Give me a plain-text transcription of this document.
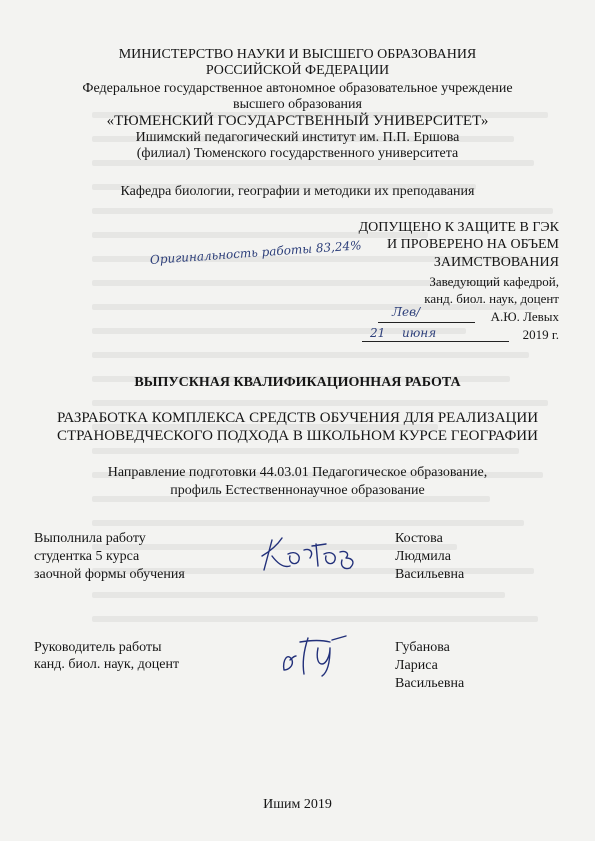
МИНИСТЕРСТВО НАУКИ И ВЫСШЕГО ОБРАЗОВАНИЯ
РОССИЙСКОЙ ФЕДЕРАЦИИ
Федеральное государственное автономное образовательное учреждение
высшего образования
«ТЮМЕНСКИЙ ГОСУДАРСТВЕННЫЙ УНИВЕРСИТЕТ»
Ишимский педагогический институт им. П.П. Ершова
(филиал) Тюменского государственного университета
Кафедра биологии, географии и методики их преподавания
ДОПУЩЕНО К ЗАЩИТЕ В ГЭК
И ПРОВЕРЕНО НА ОБЪЕМ
ЗАИМСТВОВАНИЯ
Оригинальность работы 83,24%
Заведующий кафедрой,
канд. биол. наук, доцент
Лев/	А.Ю. Левых
21 июня	2019 г.
ВЫПУСКНАЯ КВАЛИФИКАЦИОННАЯ РАБОТА
РАЗРАБОТКА КОМПЛЕКСА СРЕДСТВ ОБУЧЕНИЯ ДЛЯ РЕАЛИЗАЦИИ
СТРАНОВЕДЧЕСКОГО ПОДХОДА В ШКОЛЬНОМ КУРСЕ ГЕОГРАФИИ
Направление подготовки 44.03.01 Педагогическое образование,
профиль Естественнонаучное образование
Выполнила работу
студентка 5 курса
заочной формы обучения
Костова
Людмила
Васильевна
Руководитель работы
канд. биол. наук, доцент
Губанова
Лариса
Васильевна
Ишим 2019
